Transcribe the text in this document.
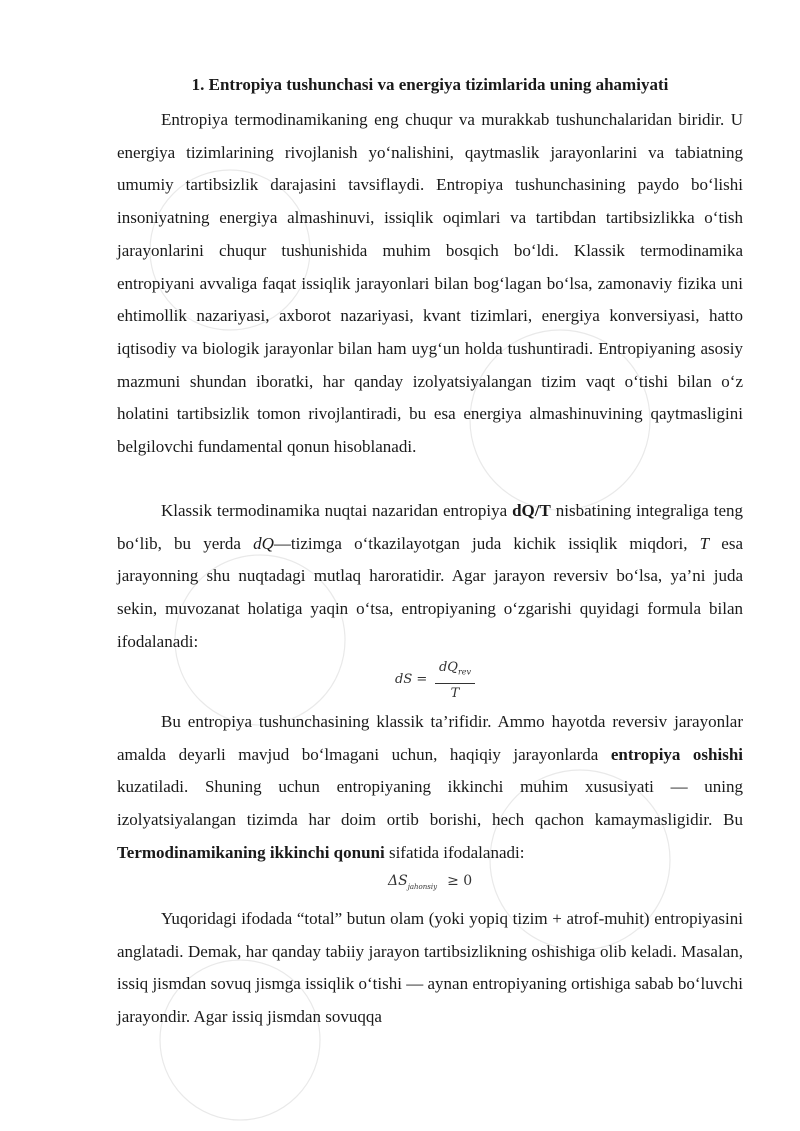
1. Entropiya tushunchasi va energiya tizimlarida uning ahamiyati

Entropiya termodinamikaning eng chuqur va murakkab tushunchalaridan biridir. U energiya tizimlarining rivojlanish yo‘nalishini, qaytmaslik jarayonlarini va tabiatning umumiy tartibsizlik darajasini tavsiflaydi. Entropiya tushunchasining paydo bo‘lishi insoniyatning energiya almashinuvi, issiqlik oqimlari va tartibdan tartibsizlikka o‘tish jarayonlarini chuqur tushunishida muhim bosqich bo‘ldi. Klassik termodinamika entropiyani avvaliga faqat issiqlik jarayonlari bilan bog‘lagan bo‘lsa, zamonaviy fizika uni ehtimollik nazariyasi, axborot nazariyasi, kvant tizimlari, energiya konversiyasi, hatto iqtisodiy va biologik jarayonlar bilan ham uyg‘un holda tushuntiradi. Entropiyaning asosiy mazmuni shundan iboratki, har qanday izolyatsiyalangan tizim vaqt o‘tishi bilan o‘z holatini tartibsizlik tomon rivojlantiradi, bu esa energiya almashinuvining qaytmasligini belgilovchi fundamental qonun hisoblanadi.

Klassik termodinamika nuqtai nazaridan entropiya dQ/T nisbatining integraliga teng bo‘lib, bu yerda dQ—tizimga o‘tkazilayotgan juda kichik issiqlik miqdori, T esa jarayonning shu nuqtadagi mutlaq haroratidir. Agar jarayon reversiv bo‘lsa, ya’ni juda sekin, muvozanat holatiga yaqin o‘tsa, entropiyaning o‘zgarishi quyidagi formula bilan ifodalanadi:

dS =
$dQ_{rev}$
T

Bu entropiya tushunchasining klassik ta’rifidir. Ammo hayotda reversiv jarayonlar amalda deyarli mavjud bo‘lmagani uchun, haqiqiy jarayonlarda entropiya oshishi kuzatiladi. Shuning uchun entropiyaning ikkinchi muhim xususiyati — uning izolyatsiyalangan tizimda har doim ortib borishi, hech qachon kamaymasligidir. Bu Termodinamikaning ikkinchi qonuni sifatida ifodalanadi:

$\Delta S_{jahonsiy} \ge 0$

Yuqoridagi ifodada “total” butun olam (yoki yopiq tizim + atrof-muhit) entropiyasini anglatadi. Demak, har qanday tabiiy jarayon tartibsizlikning oshishiga olib keladi. Masalan, issiq jismdan sovuq jismga issiqlik o‘tishi — aynan entropiyaning ortishiga sabab bo‘luvchi jarayondir. Agar issiq jismdan sovuqqa
